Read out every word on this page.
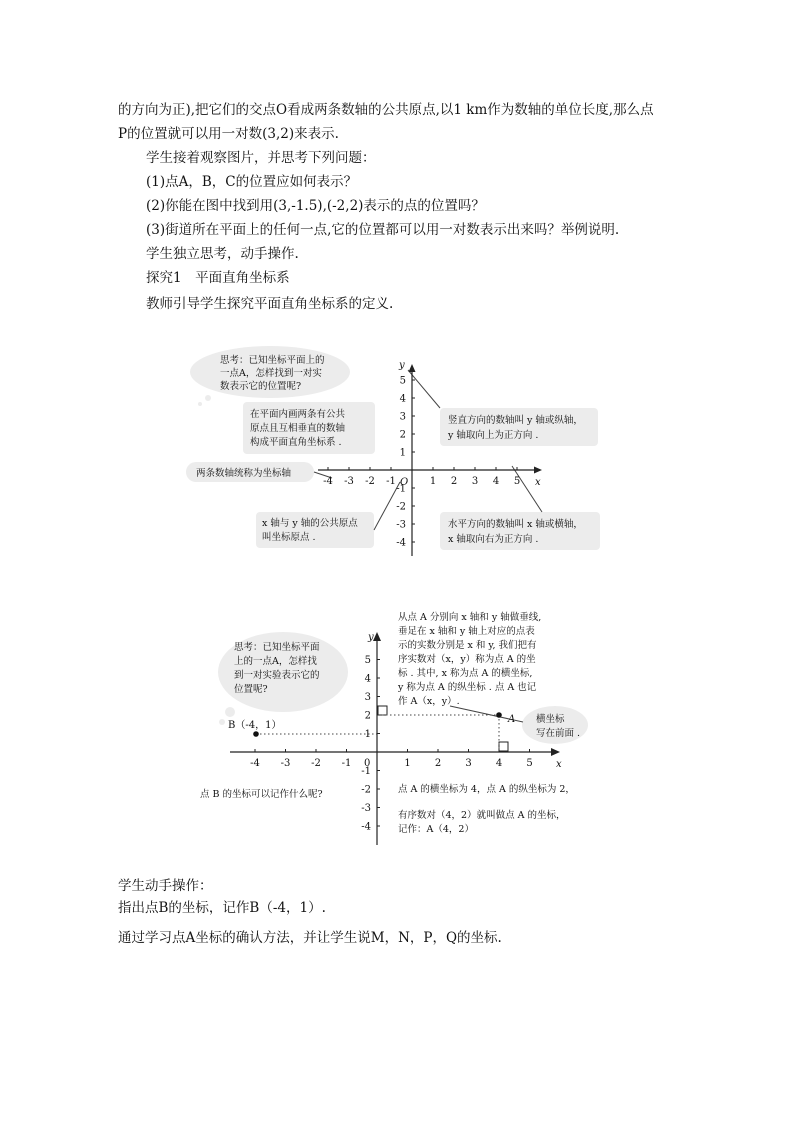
的方向为正),把它们的交点O看成两条数轴的公共原点,以1 km作为数轴的单位长度,那么点

P的位置就可以用一对数(3,2)来表示.

学生接着观察图片，并思考下列问题：

(1)点A，B，C的位置应如何表示？

(2)你能在图中找到用(3,-1.5),(-2,2)表示的点的位置吗？

(3)街道所在平面上的任何一点,它的位置都可以用一对数表示出来吗？举例说明.

学生独立思考，动手操作.

探究1　平面直角坐标系

教师引导学生探究平面直角坐标系的定义.

-4 -3 -2 -1	1 2 3 4 5
5
4
3
2
1
-1
-2
-3
-4
x
y
O
思考：已知坐标平面上的
一点A，怎样找到一对实
数表示它的位置呢?
在平面内画两条有公共
原点且互相垂直的数轴
构成平面直角坐标系 .
两条数轴统称为坐标轴
x 轴与 y 轴的公共原点
叫坐标原点 .
竖直方向的数轴叫 y 轴或纵轴，
y 轴取向上为正方向 .
水平方向的数轴叫 x 轴或横轴，
x 轴取向右为正方向 .
-4 -3 -2 -1	1 2 3 4 5
5
4
3
2
1
-1
-2
-3
-4
x
y
0
B（-4，1）
A
思考：已知坐标平面
上的一点A，怎样找
到一对实验表示它的
位置呢?
从点 A 分别向 x 轴和 y 轴做垂线,
垂足在 x 轴和 y 轴上对应的点表
示的实数分别是 x 和 y, 我们把有
序实数对（x，y）称为点 A 的坐
标 . 其中, x 称为点 A 的横坐标,
y 称为点 A 的纵坐标 . 点 A 也记
作 A（x，y）.
横坐标
写在前面 .
点 B 的坐标可以记作什么呢?	点 A 的横坐标为 4，点 A 的纵坐标为 2，
有序数对（4，2）就叫做点 A 的坐标，
记作：A（4，2）

学生动手操作：

指出点B的坐标，记作B（-4，1）.

通过学习点A坐标的确认方法，并让学生说M，N，P，Q的坐标.
